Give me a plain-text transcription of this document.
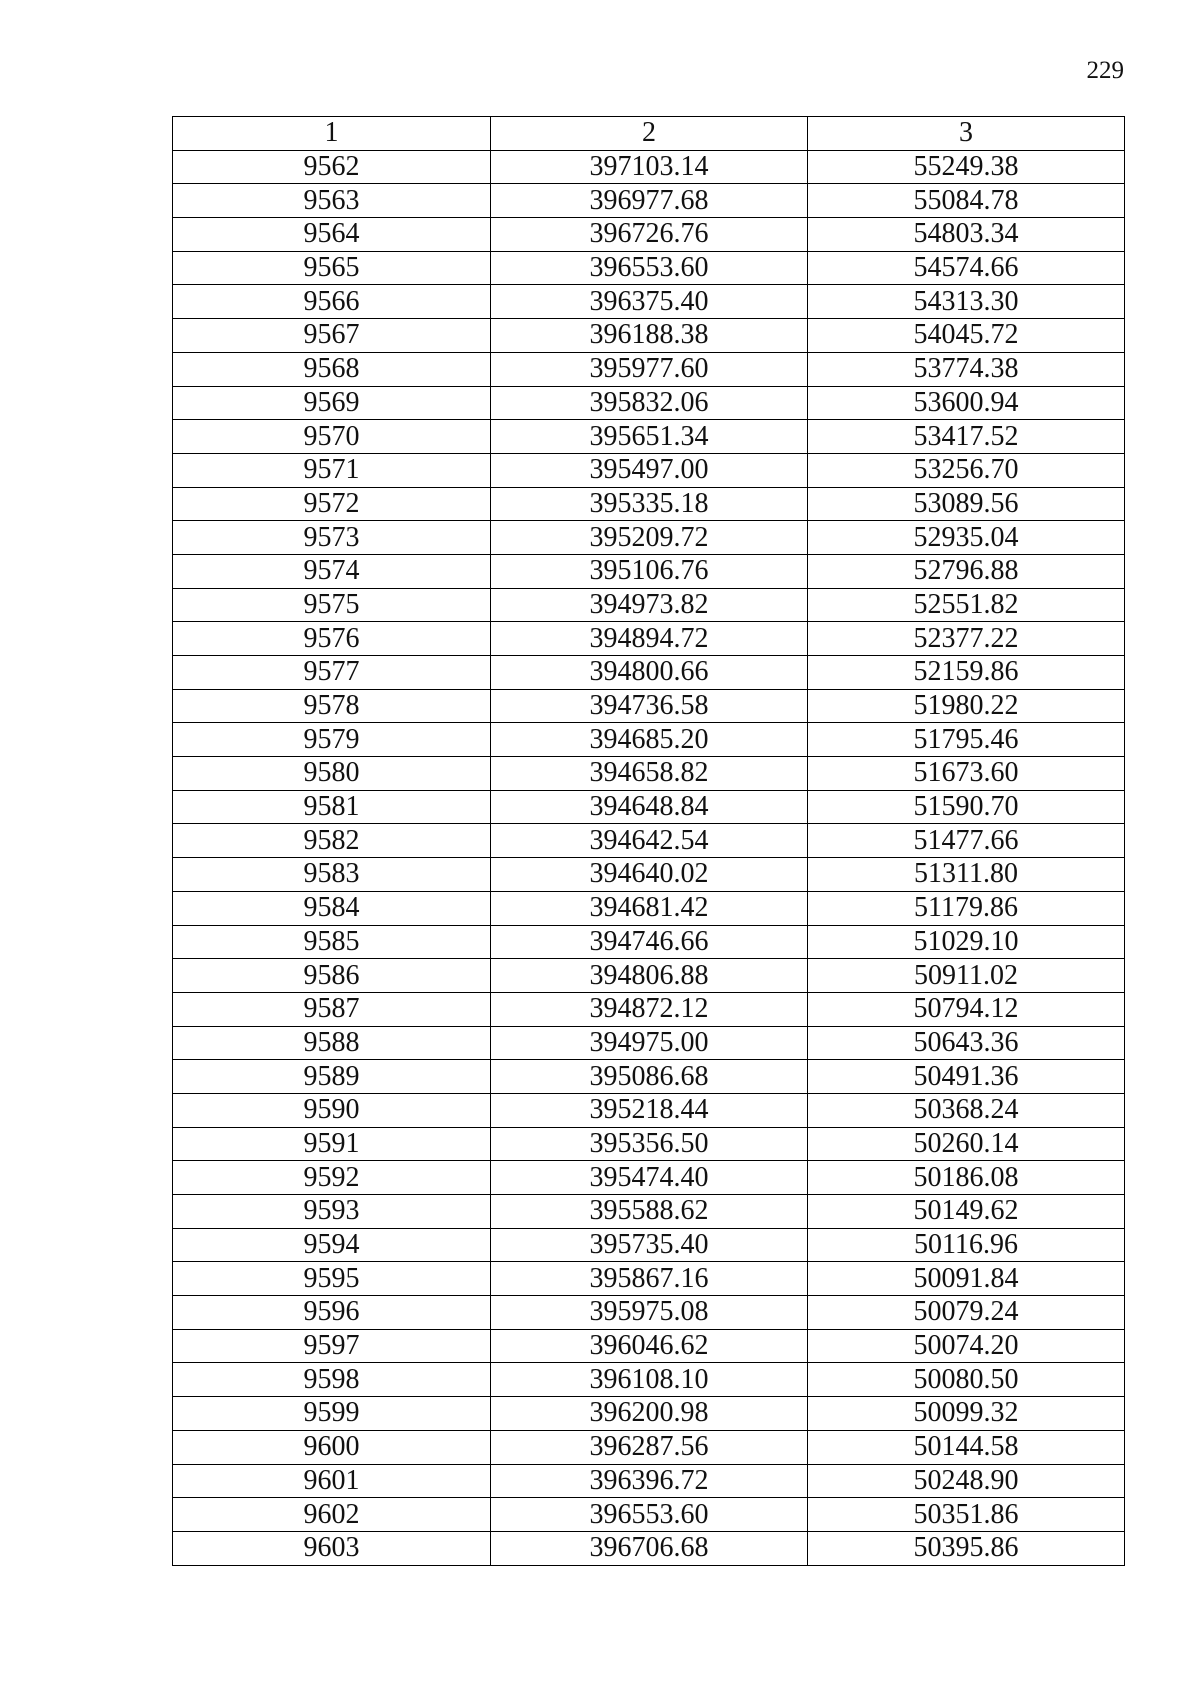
229
1	2	3
9562	397103.14	55249.38
9563	396977.68	55084.78
9564	396726.76	54803.34
9565	396553.60	54574.66
9566	396375.40	54313.30
9567	396188.38	54045.72
9568	395977.60	53774.38
9569	395832.06	53600.94
9570	395651.34	53417.52
9571	395497.00	53256.70
9572	395335.18	53089.56
9573	395209.72	52935.04
9574	395106.76	52796.88
9575	394973.82	52551.82
9576	394894.72	52377.22
9577	394800.66	52159.86
9578	394736.58	51980.22
9579	394685.20	51795.46
9580	394658.82	51673.60
9581	394648.84	51590.70
9582	394642.54	51477.66
9583	394640.02	51311.80
9584	394681.42	51179.86
9585	394746.66	51029.10
9586	394806.88	50911.02
9587	394872.12	50794.12
9588	394975.00	50643.36
9589	395086.68	50491.36
9590	395218.44	50368.24
9591	395356.50	50260.14
9592	395474.40	50186.08
9593	395588.62	50149.62
9594	395735.40	50116.96
9595	395867.16	50091.84
9596	395975.08	50079.24
9597	396046.62	50074.20
9598	396108.10	50080.50
9599	396200.98	50099.32
9600	396287.56	50144.58
9601	396396.72	50248.90
9602	396553.60	50351.86
9603	396706.68	50395.86
